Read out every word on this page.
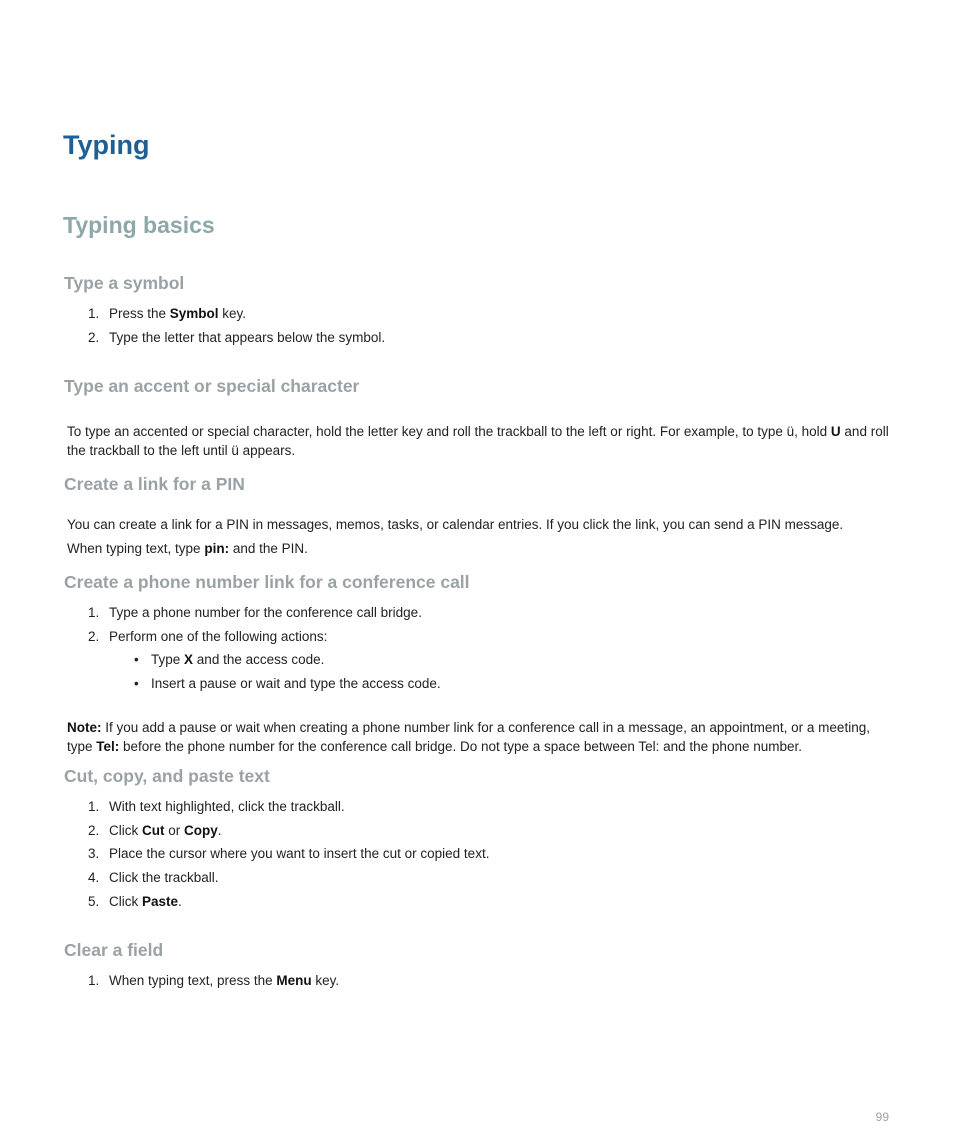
Typing
Typing basics
Type a symbol
1. Press the Symbol key.
2. Type the letter that appears below the symbol.
Type an accent or special character

To type an accented or special character, hold the letter key and roll the trackball to the left or right. For example, to type ü, hold U and roll the trackball to the left until ü appears.

Create a link for a PIN

You can create a link for a PIN in messages, memos, tasks, or calendar entries. If you click the link, you can send a PIN message.

When typing text, type pin: and the PIN.

Create a phone number link for a conference call
1. Type a phone number for the conference call bridge.
2. Perform one of the following actions:
• Type X and the access code.
• Insert a pause or wait and type the access code.

Note: If you add a pause or wait when creating a phone number link for a conference call in a message, an appointment, or a meeting, type Tel: before the phone number for the conference call bridge. Do not type a space between Tel: and the phone number.

Cut, copy, and paste text
1. With text highlighted, click the trackball.
2. Click Cut or Copy.
3. Place the cursor where you want to insert the cut or copied text.
4. Click the trackball.
5. Click Paste.
Clear a field
1. When typing text, press the Menu key.
99
